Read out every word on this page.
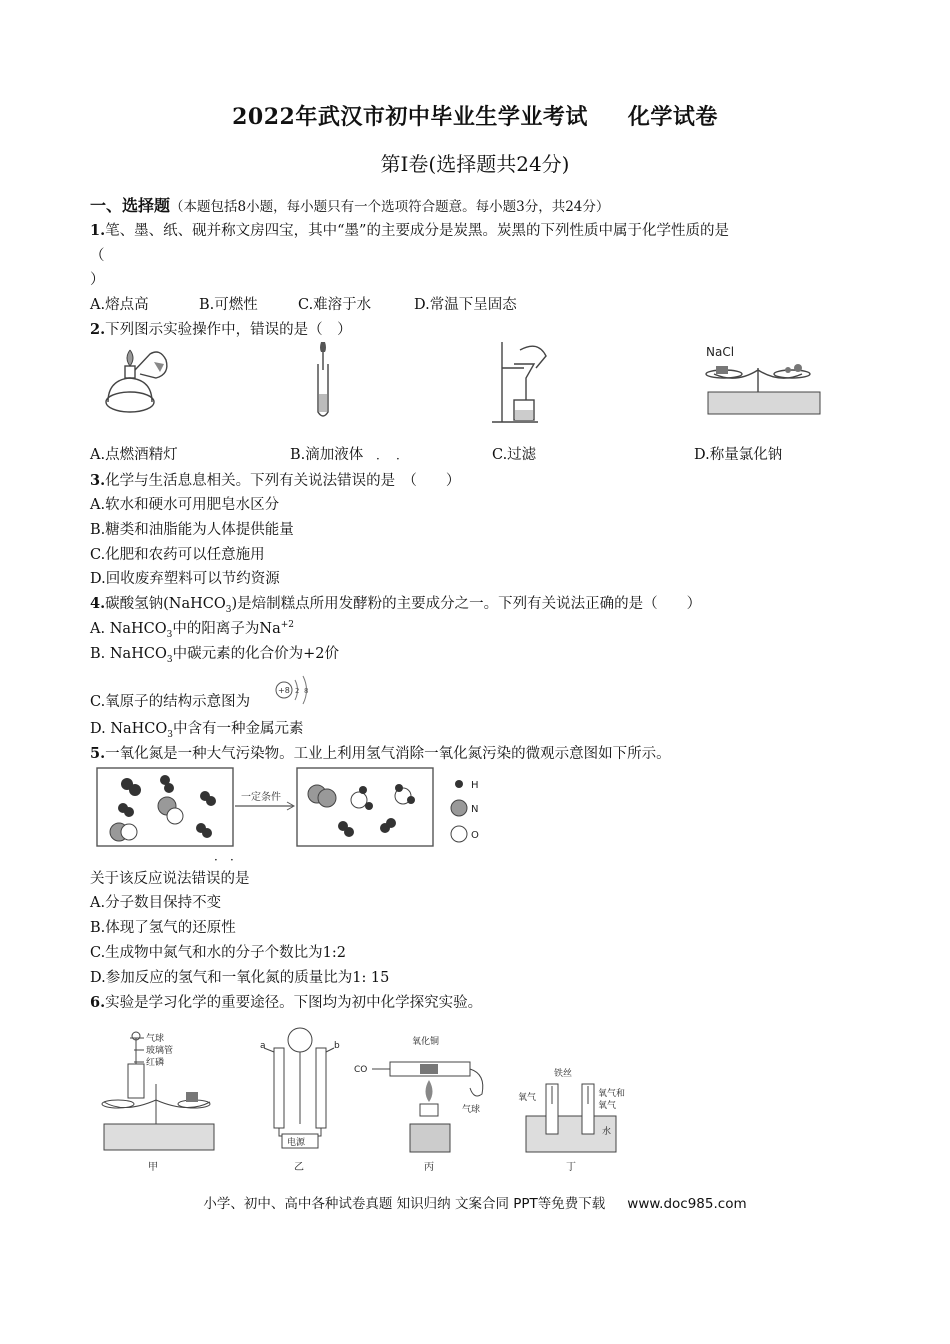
2022年武汉市初中毕业生学业考试 化学试卷
第Ⅰ卷(选择题共24分)
一、选择题（本题包括8小题，每小题只有一个选项符合题意。每小题3分，共24分）
1.笔、墨、纸、砚并称文房四宝，其中“墨”的主要成分是炭黑。炭黑的下列性质中属于化学性质的是
（
）
A.熔点高	B.可燃性	C.难溶于水	D.常温下呈固态
2.下列图示实验操作中，错误的是（　）
NaCl
A.点燃酒精灯	B.滴加液体	C.过滤	D.称量氯化钠
· ·
3.化学与生活息息相关。下列有关说法错误的是　（　　）
A.软水和硬水可用肥皂水区分
B.糖类和油脂能为人体提供能量
C.化肥和农药可以任意施用
D.回收废弃塑料可以节约资源
4.碳酸氢钠(NaHCO$_3$)是焙制糕点所用发酵粉的主要成分之一。下列有关说法正确的是（　　）
A. NaHCO$_3$中的阳离子为$Na^{+2}$
B. NaHCO$_3$中碳元素的化合价为+2价
C.氧原子的结构示意图为
+8 2 8
D. NaHCO$_3$中含有一种金属元素
5.一氧化氮是一种大气污染物。工业上利用氢气消除一氧化氮污染的微观示意图如下所示。
一定条件
H
N
O
· ·
关于该反应说法错误的是
A.分子数目保持不变
B.体现了氢气的还原性
C.生成物中氮气和水的分子个数比为1:2
D.参加反应的氢气和一氧化氮的质量比为1: 15
6.实验是学习化学的重要途径。下图均为初中化学探究实验。
气球
玻璃管
红磷
甲
a	b
电源
乙
CO
氧化铜
气球
丙
铁丝
氧气	氧气和
氧气
水
丁
小学、初中、高中各种试卷真题 知识归纳 文案合同 PPT等免费下载 www.doc985.com
